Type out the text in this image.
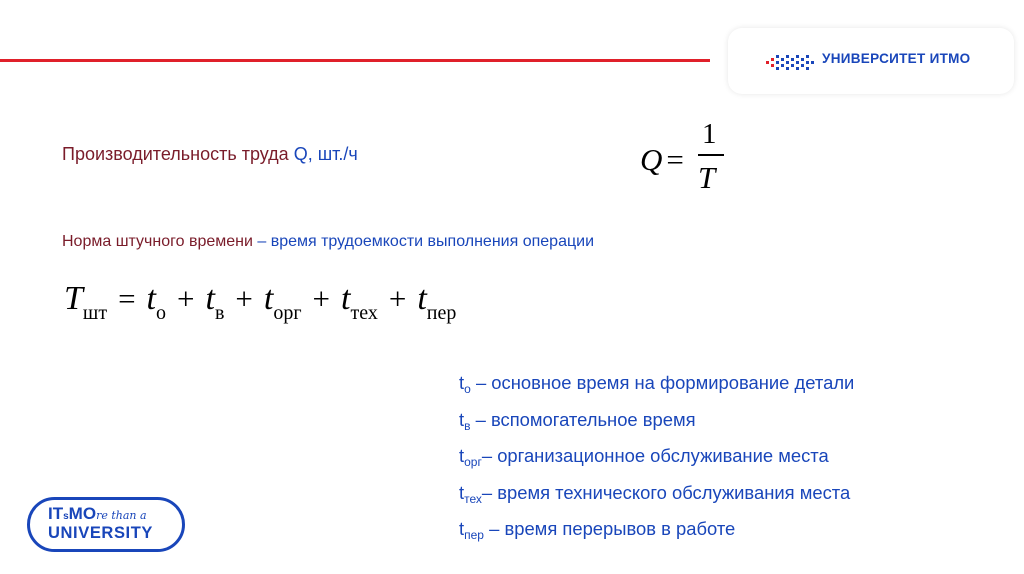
УНИВЕРСИТЕТ ИТМО
Производительность труда Q, шт./ч	Q =
1
T
Норма штучного времени – время трудоемкости выполнения операции
Tшт = tо + tв + tорг + tтех + tпер
$t_о$ – основное время на формирование детали
$t_в$ – вспомогательное время
$t_{орг}-$ организационное обслуживание места
$t_{тех}-$ время технического обслуживания места
$t_{пер}$ – время перерывов в работе
ITsMOre than a
UNIVERSITY
